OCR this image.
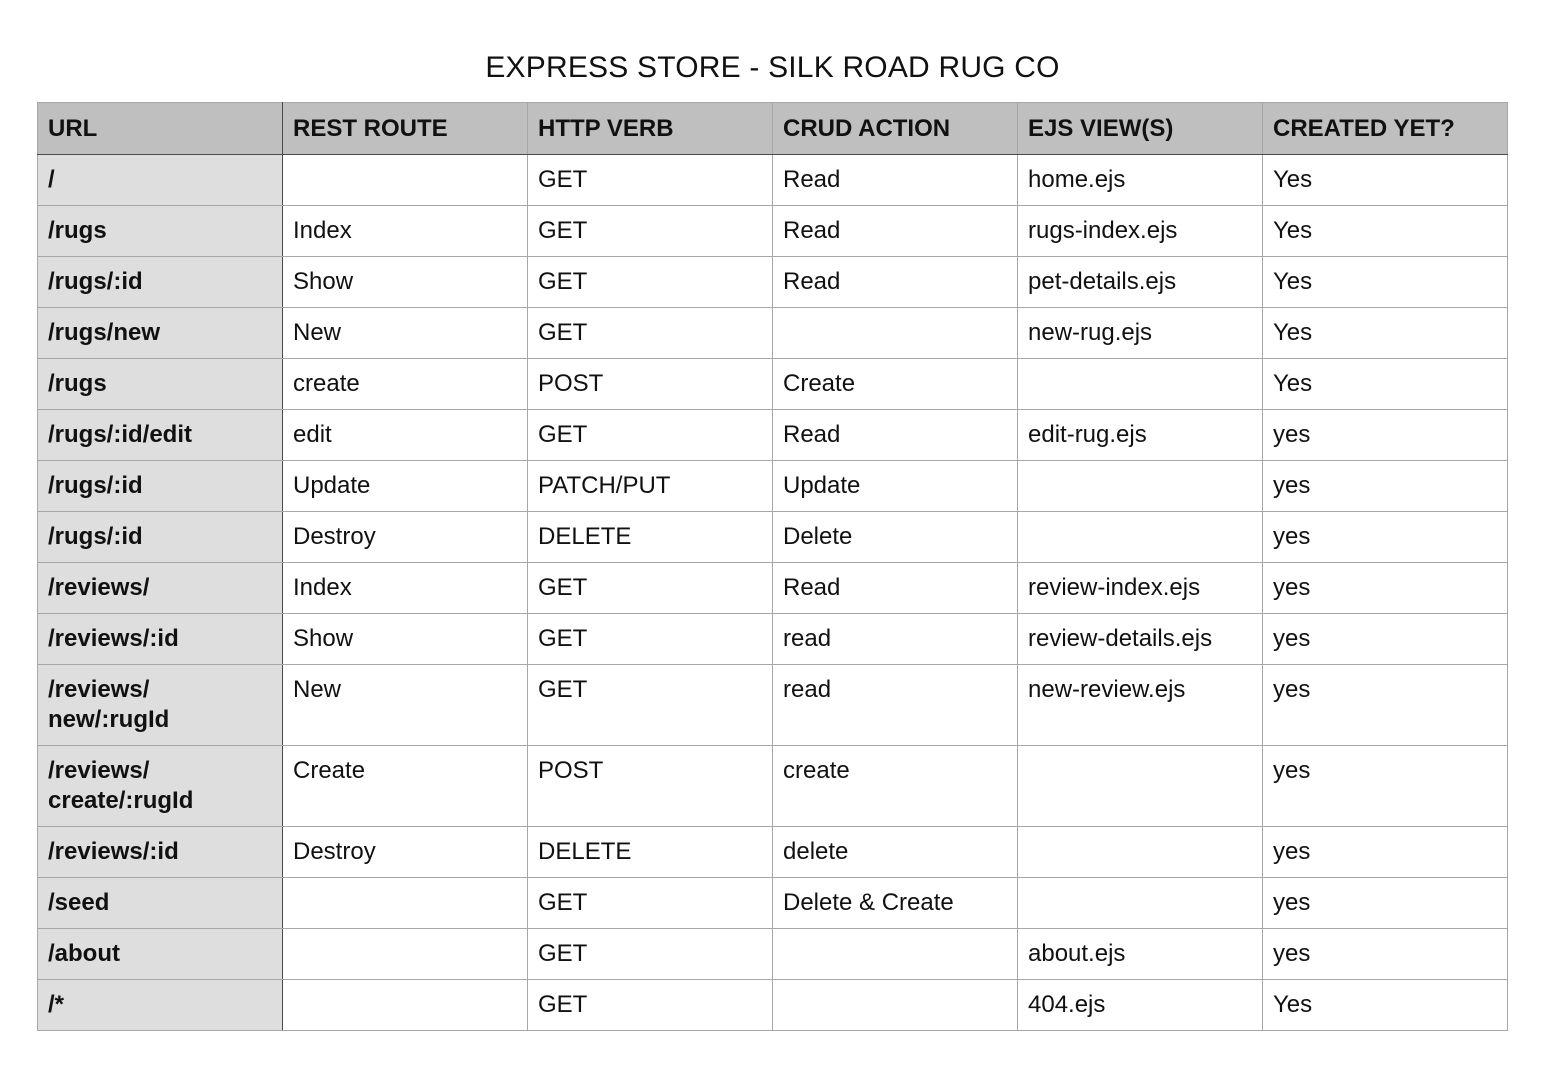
EXPRESS STORE - SILK ROAD RUG CO
URL	REST ROUTE	HTTP VERB	CRUD ACTION	EJS VIEW(S)	CREATED YET?
/		GET	Read	home.ejs	Yes
/rugs	Index	GET	Read	rugs-index.ejs	Yes
/rugs/:id	Show	GET	Read	pet-details.ejs	Yes
/rugs/new	New	GET		new-rug.ejs	Yes
/rugs	create	POST	Create		Yes
/rugs/:id/edit	edit	GET	Read	edit-rug.ejs	yes
/rugs/:id	Update	PATCH/PUT	Update		yes
/rugs/:id	Destroy	DELETE	Delete		yes
/reviews/	Index	GET	Read	review-index.ejs	yes
/reviews/:id	Show	GET	read	review-details.ejs	yes
/reviews/ new/:rugId	New	GET	read	new-review.ejs	yes
/reviews/ create/:rugId	Create	POST	create		yes
/reviews/:id	Destroy	DELETE	delete		yes
/seed		GET	Delete & Create		yes
/about		GET		about.ejs	yes
/*		GET		404.ejs	Yes
